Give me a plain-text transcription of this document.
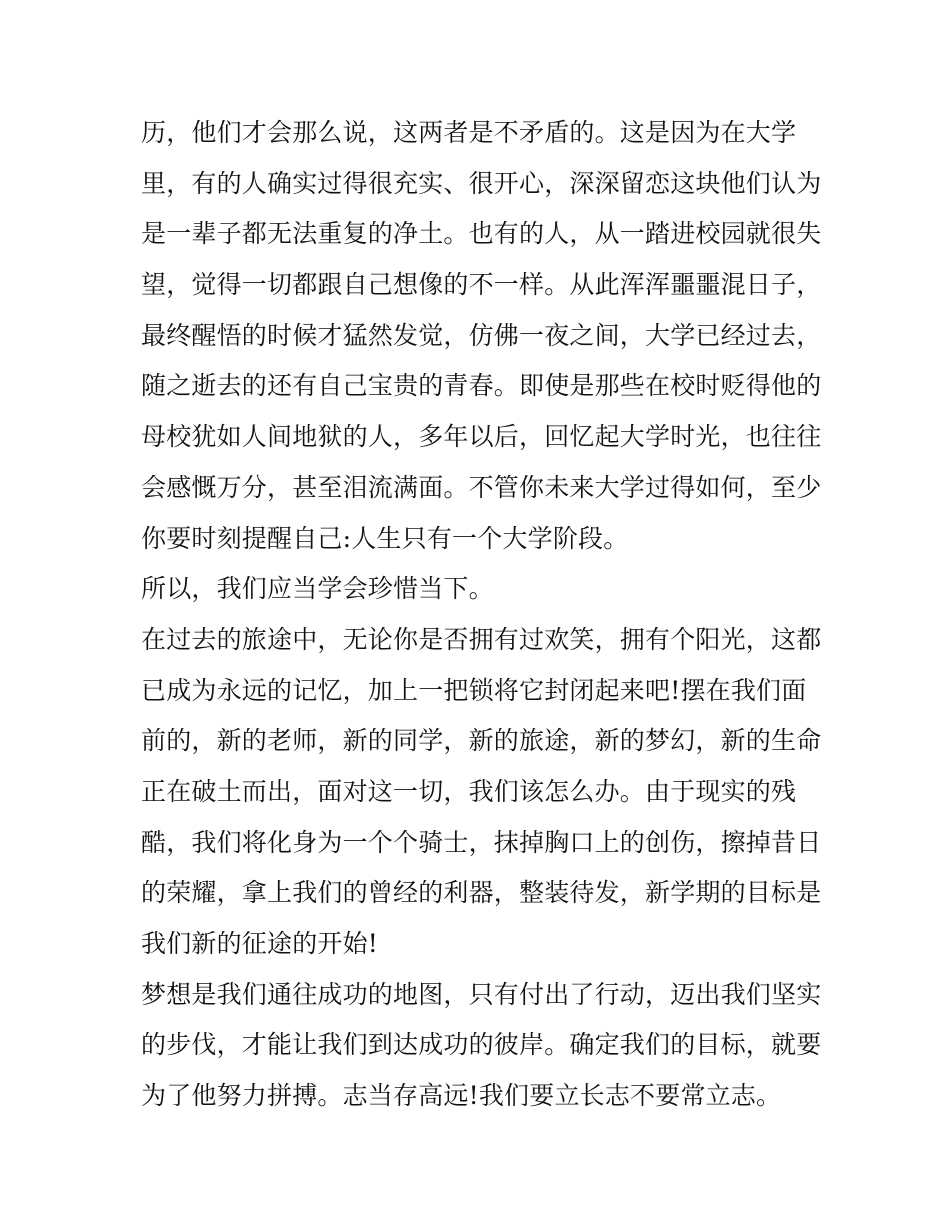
历，他们才会那么说，这两者是不矛盾的。这是因为在大学
里，有的人确实过得很充实、很开心，深深留恋这块他们认为
是一辈子都无法重复的净土。也有的人，从一踏进校园就很失
望，觉得一切都跟自己想像的不一样。从此浑浑噩噩混日子，
最终醒悟的时候才猛然发觉，仿佛一夜之间，大学已经过去，
随之逝去的还有自己宝贵的青春。即使是那些在校时贬得他的
母校犹如人间地狱的人，多年以后，回忆起大学时光，也往往
会感慨万分，甚至泪流满面。不管你未来大学过得如何，至少
你要时刻提醒自己:人生只有一个大学阶段。
所以，我们应当学会珍惜当下。
在过去的旅途中，无论你是否拥有过欢笑，拥有个阳光，这都
已成为永远的记忆，加上一把锁将它封闭起来吧!摆在我们面
前的，新的老师，新的同学，新的旅途，新的梦幻，新的生命
正在破土而出，面对这一切，我们该怎么办。由于现实的残
酷，我们将化身为一个个骑士，抹掉胸口上的创伤，擦掉昔日
的荣耀，拿上我们的曾经的利器，整装待发，新学期的目标是
我们新的征途的开始!
梦想是我们通往成功的地图，只有付出了行动，迈出我们坚实
的步伐，才能让我们到达成功的彼岸。确定我们的目标，就要
为了他努力拼搏。志当存高远!我们要立长志不要常立志。
